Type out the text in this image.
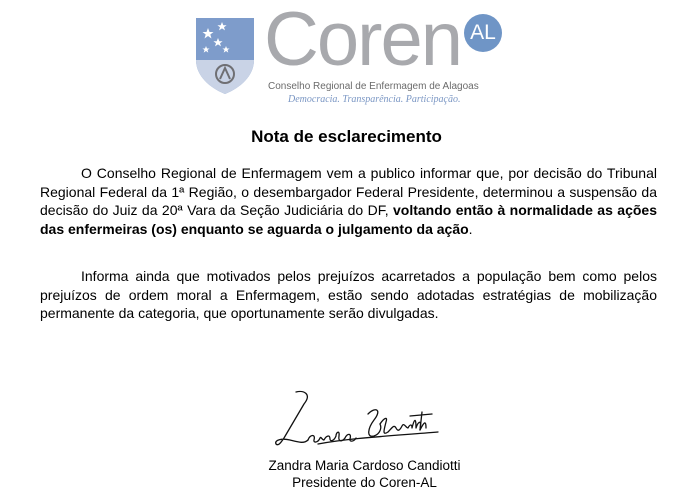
Coren AL
Conselho Regional de Enfermagem de Alagoas
Democracia. Transparência. Participação.
Nota de esclarecimento

O Conselho Regional de Enfermagem vem a publico informar que, por decisão do Tribunal Regional Federal da 1ª Região, o desembargador Federal Presidente, determinou a suspensão da decisão do Juiz da 20ª Vara da Seção Judiciária do DF, voltando então à normalidade as ações das enfermeiras (os) enquanto se aguarda o julgamento da ação.

Informa ainda que motivados pelos prejuízos acarretados a população bem como pelos prejuízos de ordem moral a Enfermagem, estão sendo adotadas estratégias de mobilização permanente da categoria, que oportunamente serão divulgadas.

Zandra Maria Cardoso Candiotti
Presidente do Coren-AL
